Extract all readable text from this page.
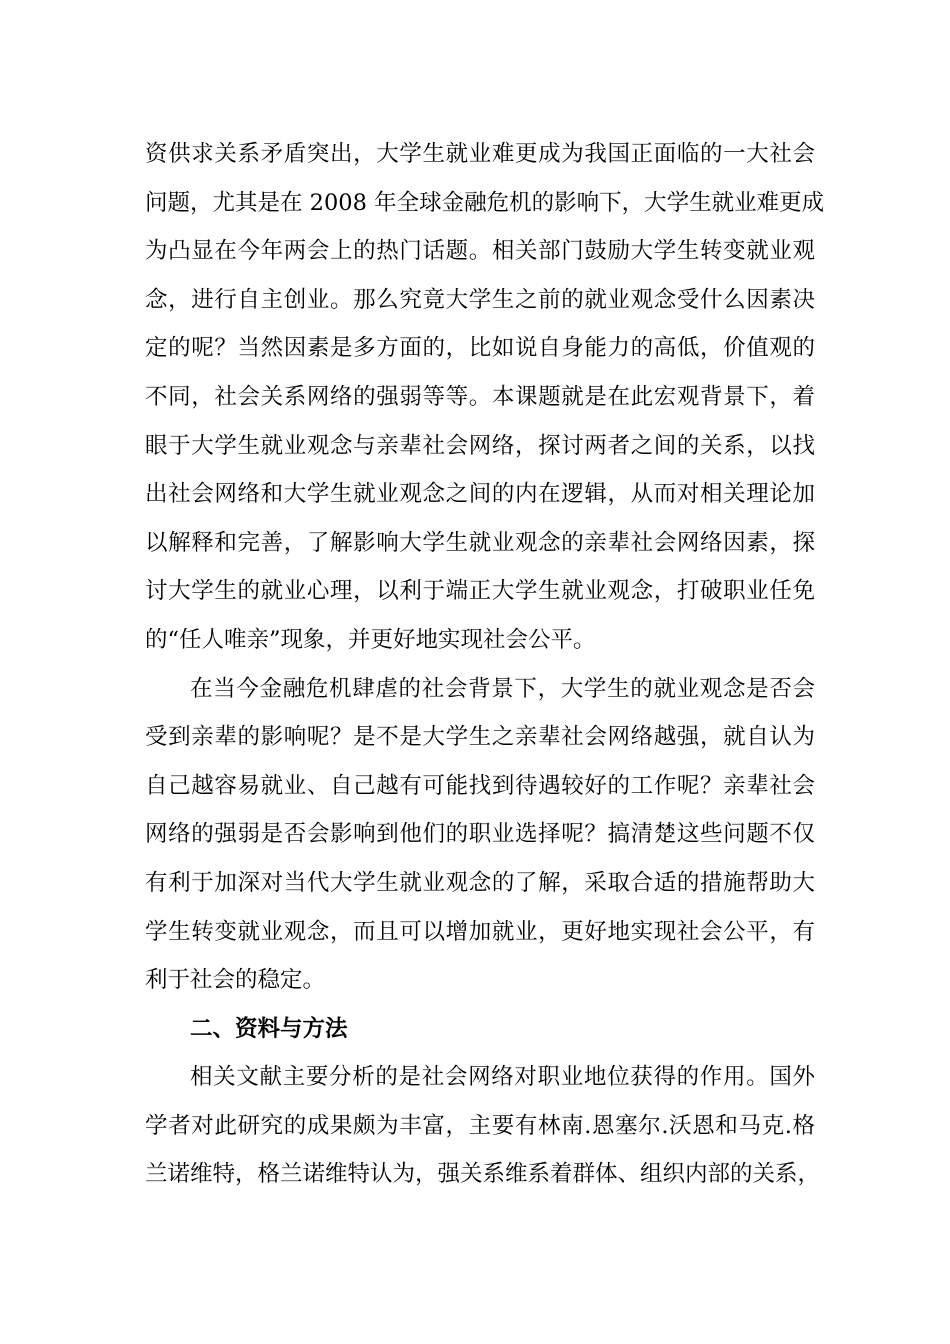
资供求关系矛盾突出，大学生就业难更成为我国正面临的一大社会
问题，尤其是在 2008 年全球金融危机的影响下，大学生就业难更成
为凸显在今年两会上的热门话题。相关部门鼓励大学生转变就业观
念，进行自主创业。那么究竟大学生之前的就业观念受什么因素决
定的呢？当然因素是多方面的，比如说自身能力的高低，价值观的
不同，社会关系网络的强弱等等。本课题就是在此宏观背景下，着
眼于大学生就业观念与亲辈社会网络，探讨两者之间的关系，以找
出社会网络和大学生就业观念之间的内在逻辑，从而对相关理论加
以解释和完善，了解影响大学生就业观念的亲辈社会网络因素，探
讨大学生的就业心理，以利于端正大学生就业观念，打破职业任免
的“任人唯亲”现象，并更好地实现社会公平。
在当今金融危机肆虐的社会背景下，大学生的就业观念是否会
受到亲辈的影响呢？是不是大学生之亲辈社会网络越强，就自认为
自己越容易就业、自己越有可能找到待遇较好的工作呢？亲辈社会
网络的强弱是否会影响到他们的职业选择呢？搞清楚这些问题不仅
有利于加深对当代大学生就业观念的了解，采取合适的措施帮助大
学生转变就业观念，而且可以增加就业，更好地实现社会公平，有
利于社会的稳定。
二、资料与方法
相关文献主要分析的是社会网络对职业地位获得的作用。国外
学者对此研究的成果颇为丰富，主要有林南.恩塞尔.沃恩和马克.格
兰诺维特，格兰诺维特认为，强关系维系着群体、组织内部的关系，
